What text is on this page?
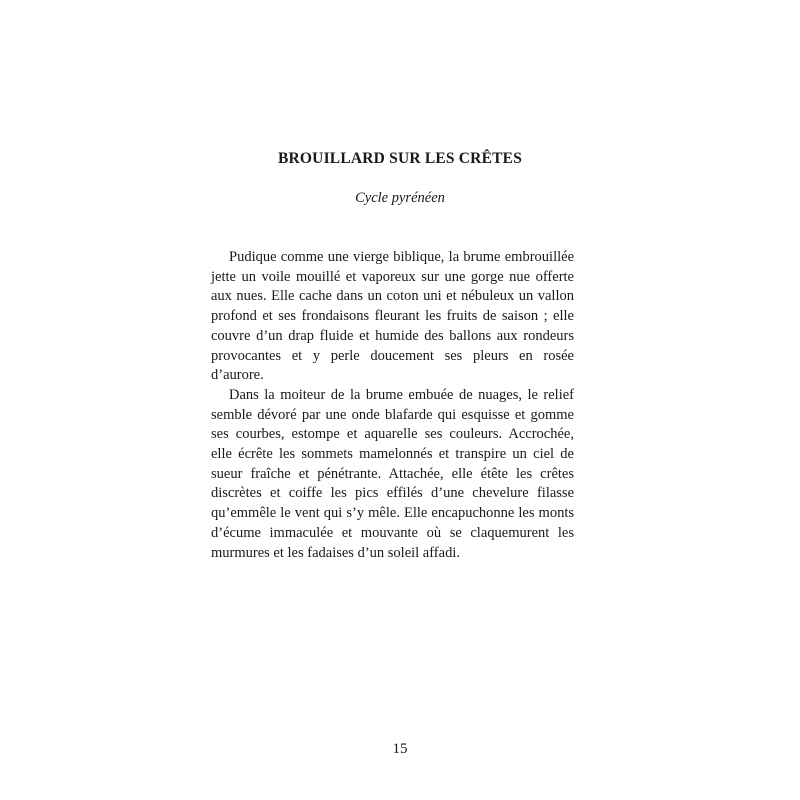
BROUILLARD SUR LES CRÊTES
Cycle pyrénéen

Pudique comme une vierge biblique, la brume embrouillée jette un voile mouillé et vaporeux sur une gorge nue offerte aux nues. Elle cache dans un coton uni et nébuleux un vallon profond et ses frondaisons fleurant les fruits de saison ; elle couvre d’un drap fluide et humide des ballons aux rondeurs provocantes et y perle doucement ses pleurs en rosée d’aurore.

Dans la moiteur de la brume embuée de nuages, le relief semble dévoré par une onde blafarde qui esquisse et gomme ses courbes, estompe et aquarelle ses couleurs. Accrochée, elle écrête les sommets mamelonnés et transpire un ciel de sueur fraîche et pénétrante. Attachée, elle étête les crêtes discrètes et coiffe les pics effilés d’une chevelure filasse qu’emmêle le vent qui s’y mêle. Elle encapuchonne les monts d’écume immaculée et mouvante où se claquemurent les murmures et les fadaises d’un soleil affadi.

15
